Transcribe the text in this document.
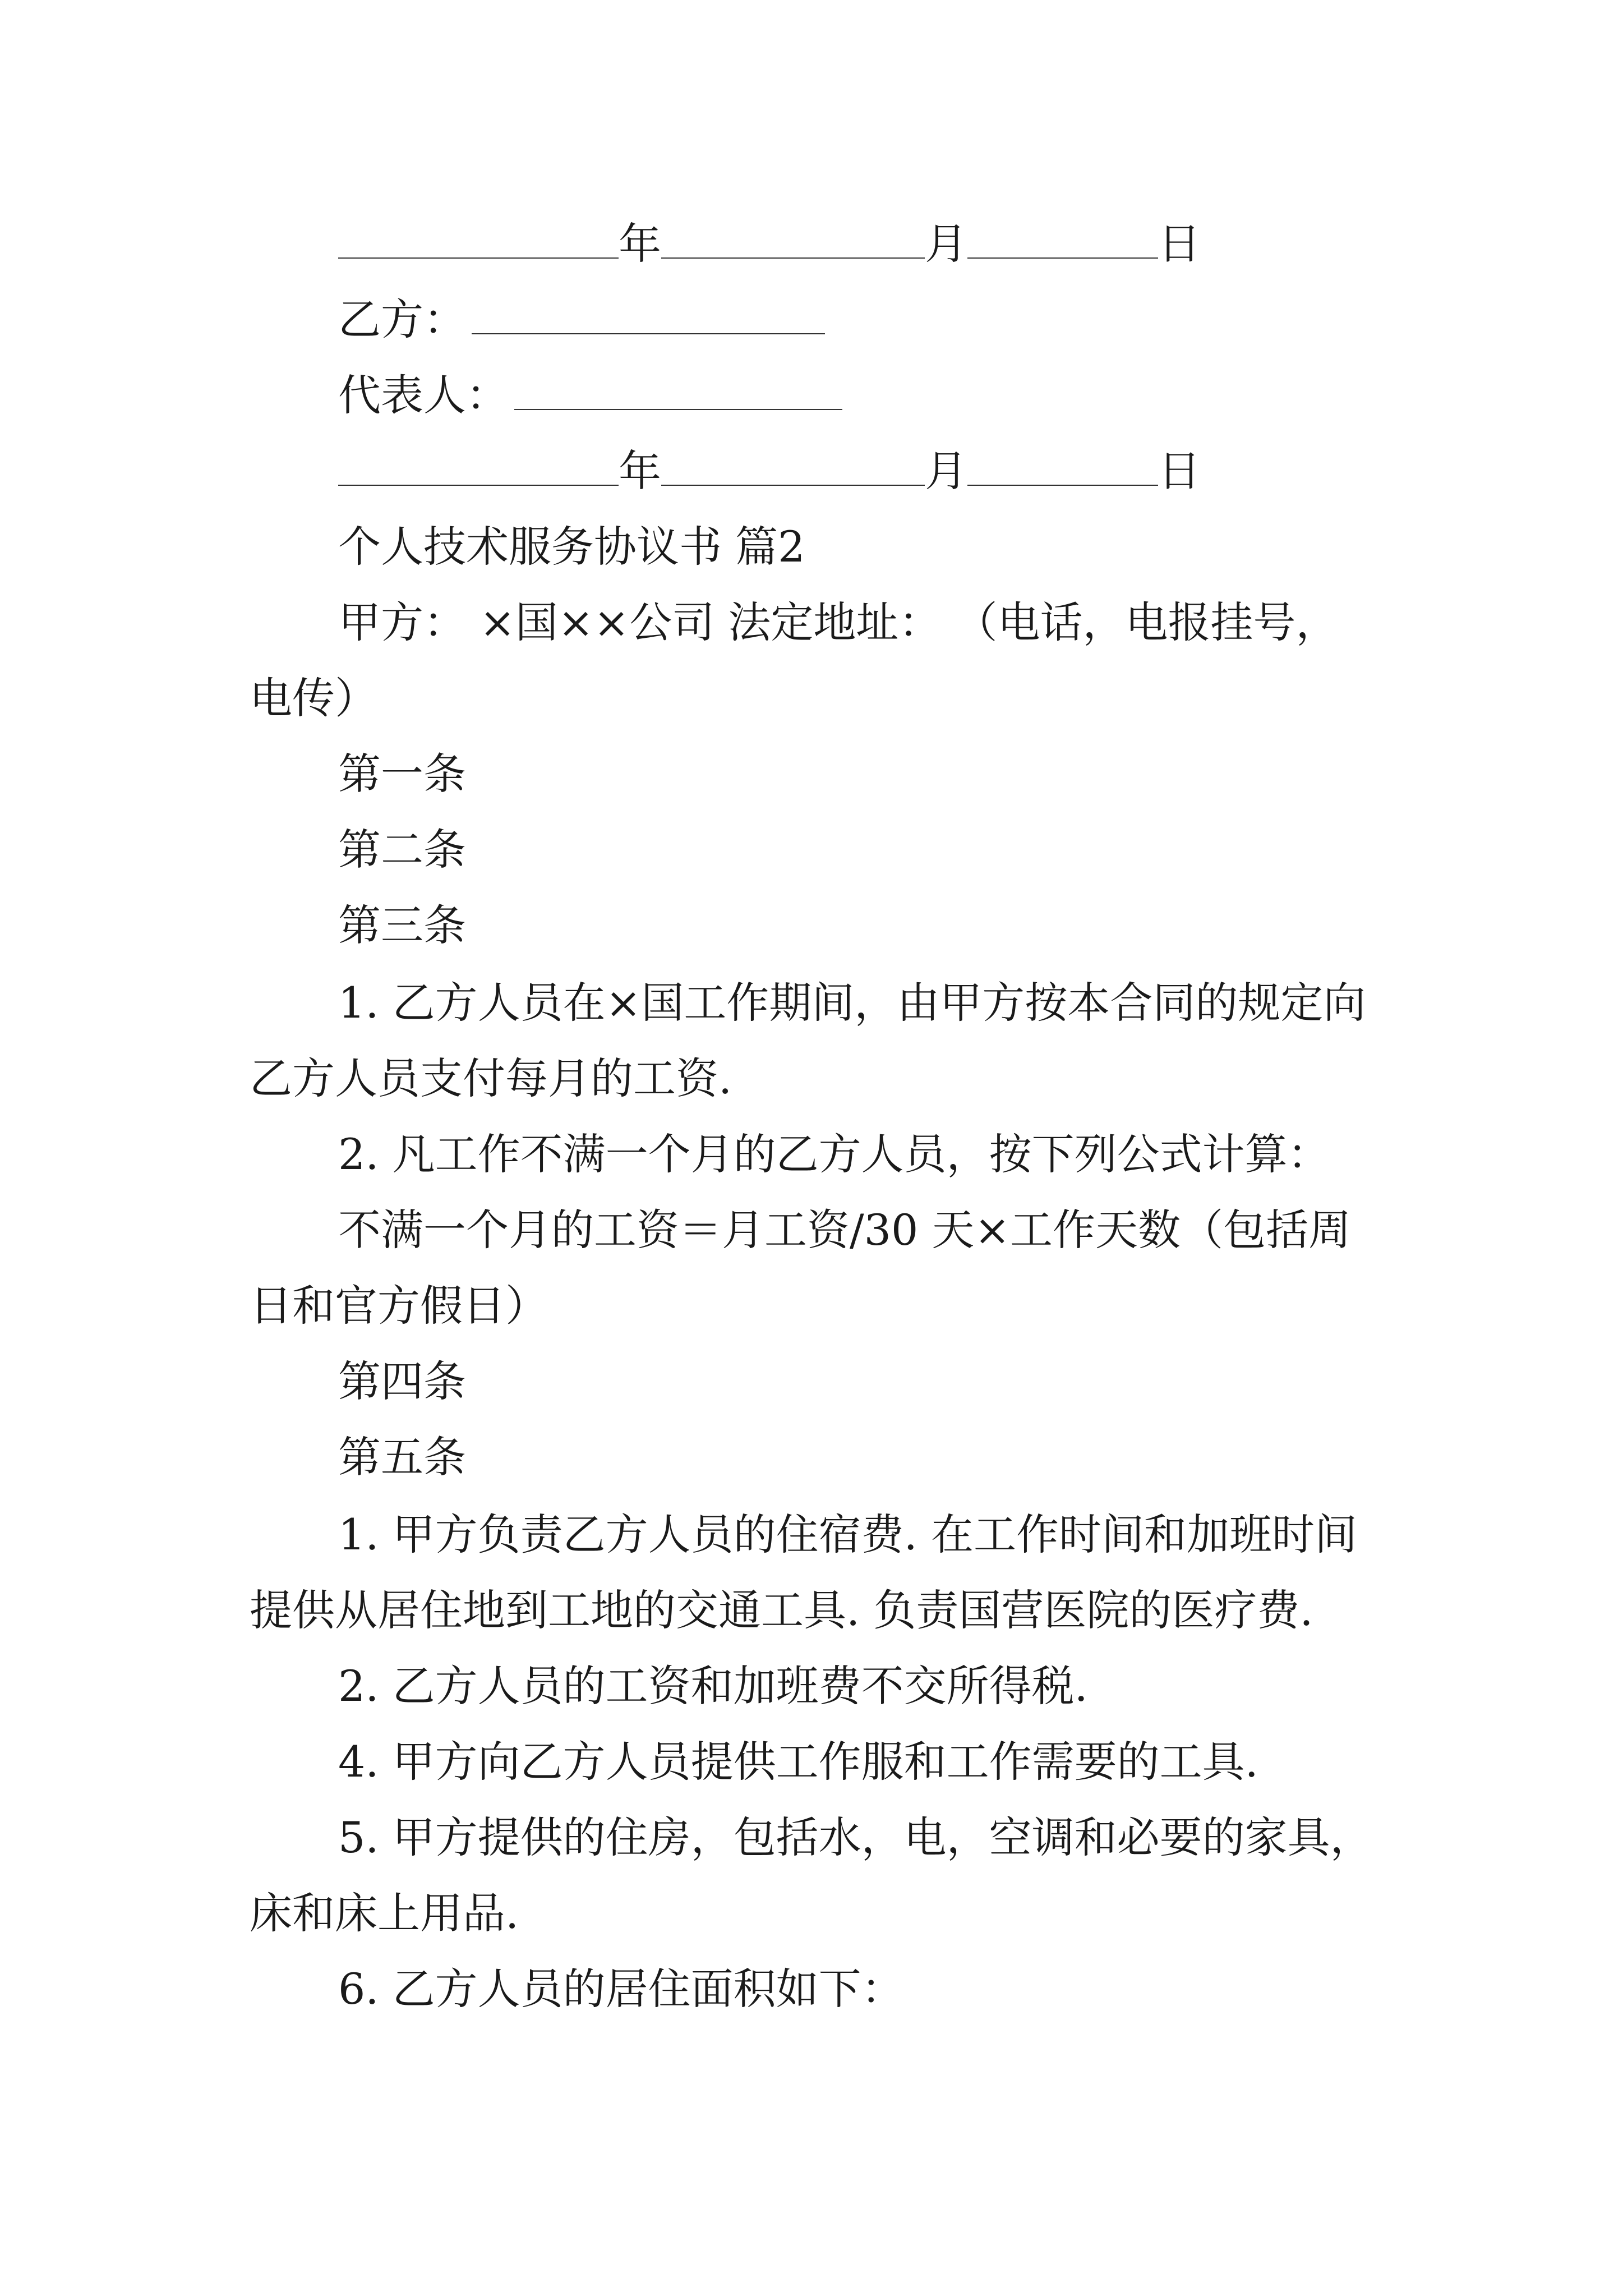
年	月	日
乙方：
代表人：
年	月	日
个人技术服务协议书 篇2
甲方： ×国××公司 法定地址： （电话，电报挂号，
电传）
第一条
第二条
第三条
1. 乙方人员在×国工作期间，由甲方按本合同的规定向
乙方人员支付每月的工资.
2. 凡工作不满一个月的乙方人员，按下列公式计算：
不满一个月的工资＝月工资/30 天×工作天数（包括周
日和官方假日）
第四条
第五条
1. 甲方负责乙方人员的住宿费. 在工作时间和加班时间
提供从居住地到工地的交通工具. 负责国营医院的医疗费.
2. 乙方人员的工资和加班费不交所得税.
4. 甲方向乙方人员提供工作服和工作需要的工具.
5. 甲方提供的住房，包括水，电，空调和必要的家具，
床和床上用品.
6. 乙方人员的居住面积如下：
